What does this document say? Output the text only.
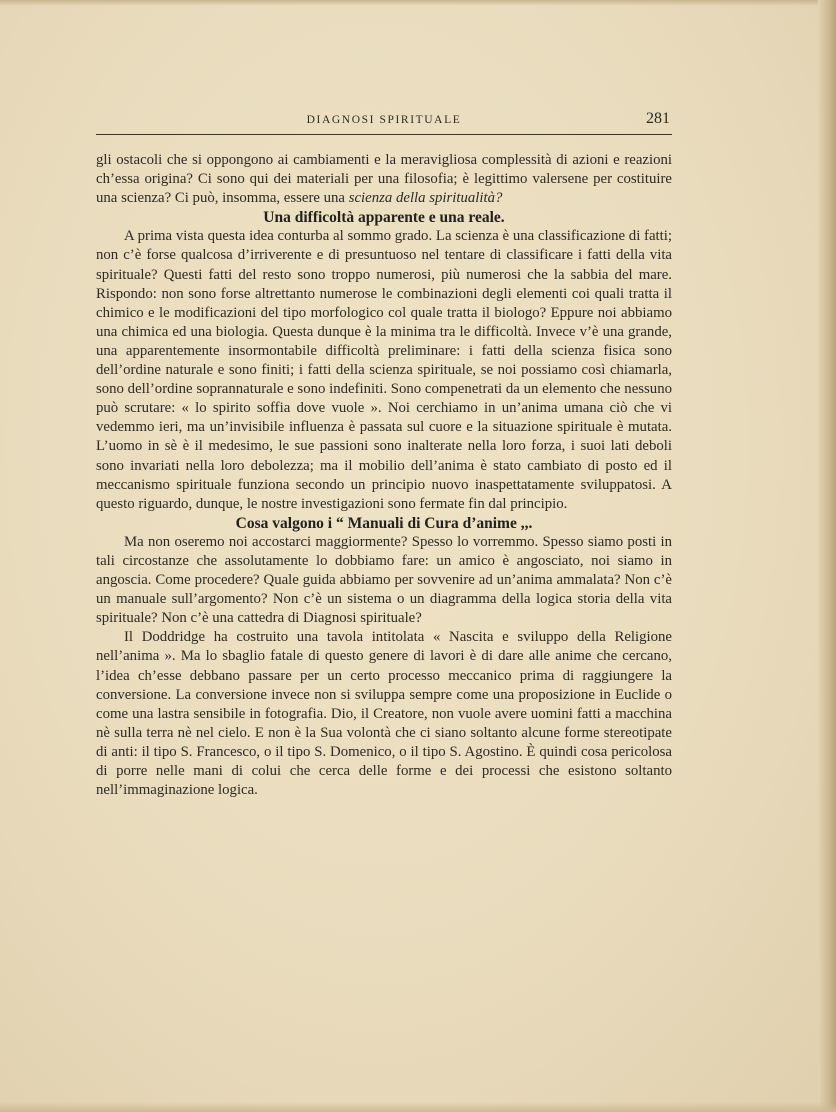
DIAGNOSI SPIRITUALE	281

gli ostacoli che si oppongono ai cambiamenti e la meravigliosa complessità di azioni e reazioni ch’essa origina? Ci sono qui dei materiali per una filosofia; è legittimo valersene per costituire una scienza? Ci può, insomma, essere una scienza della spiritualità?

Una difficoltà apparente e una reale.

A prima vista questa idea conturba al sommo grado. La scienza è una classificazione di fatti; non c’è forse qualcosa d’irriverente e di presuntuoso nel tentare di classificare i fatti della vita spirituale? Questi fatti del resto sono troppo numerosi, più numerosi che la sabbia del mare. Rispondo: non sono forse altrettanto numerose le combinazioni degli elementi coi quali tratta il chimico e le modificazioni del tipo morfologico col quale tratta il biologo? Eppure noi abbiamo una chimica ed una biologia. Questa dunque è la minima tra le difficoltà. Invece v’è una grande, una apparentemente insormontabile difficoltà preliminare: i fatti della scienza fisica sono dell’ordine naturale e sono finiti; i fatti della scienza spirituale, se noi possiamo così chiamarla, sono dell’ordine soprannaturale e sono indefiniti. Sono compenetrati da un elemento che nessuno può scrutare: « lo spirito soffia dove vuole ». Noi cerchiamo in un’anima umana ciò che vi vedemmo ieri, ma un’invisibile influenza è passata sul cuore e la situazione spirituale è mutata. L’uomo in sè è il medesimo, le sue passioni sono inalterate nella loro forza, i suoi lati deboli sono invariati nella loro debolezza; ma il mobilio dell’anima è stato cambiato di posto ed il meccanismo spirituale funziona secondo un principio nuovo inaspettatamente sviluppatosi. A questo riguardo, dunque, le nostre investigazioni sono fermate fin dal principio.

Cosa valgono i “ Manuali di Cura d’anime ,,.

Ma non oseremo noi accostarci maggiormente? Spesso lo vorremmo. Spesso siamo posti in tali circostanze che assolutamente lo dobbiamo fare: un amico è angosciato, noi siamo in angoscia. Come procedere? Quale guida abbiamo per sovvenire ad un’anima ammalata? Non c’è un manuale sull’argomento? Non c’è un sistema o un diagramma della logica storia della vita spirituale? Non c’è una cattedra di Diagnosi spirituale?

Il Doddridge ha costruito una tavola intitolata « Nascita e sviluppo della Religione nell’anima ». Ma lo sbaglio fatale di questo genere di lavori è di dare alle anime che cercano, l’idea ch’esse debbano passare per un certo processo meccanico prima di raggiungere la conversione. La conversione invece non si sviluppa sempre come una proposizione in Euclide o come una lastra sensibile in fotografia. Dio, il Creatore, non vuole avere uomini fatti a macchina nè sulla terra nè nel cielo. E non è la Sua volontà che ci siano soltanto alcune forme stereotipate di anti: il tipo S. Francesco, o il tipo S. Domenico, o il tipo S. Agostino. È quindi cosa pericolosa di porre nelle mani di colui che cerca delle forme e dei processi che esistono soltanto nell’immaginazione logica.
